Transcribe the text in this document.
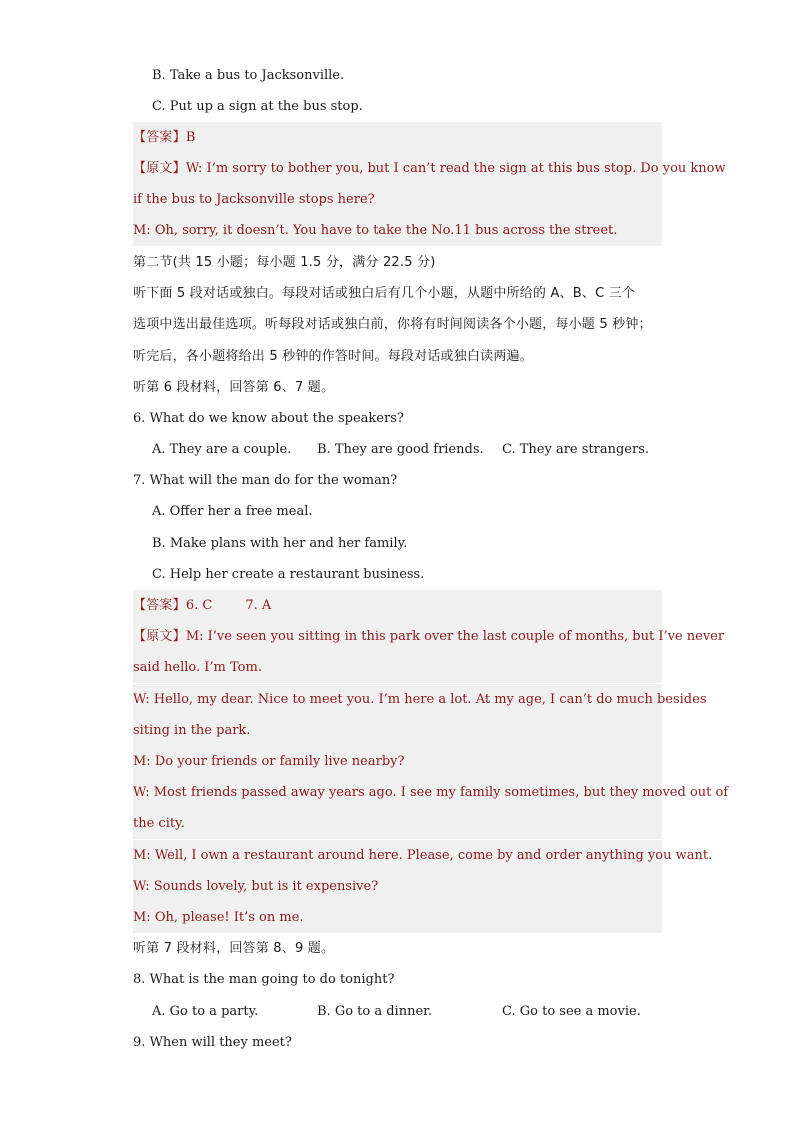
B. Take a bus to Jacksonville.
C. Put up a sign at the bus stop.
【答案】B
【原文】W: I’m sorry to bother you, but I can’t read the sign at this bus stop. Do you know
if the bus to Jacksonville stops here?
M: Oh, sorry, it doesn’t. You have to take the No.11 bus across the street.
第二节(共 15 小题；每小题 1.5 分，满分 22.5 分)
听下面 5 段对话或独白。每段对话或独白后有几个小题，从题中所给的 A、B、C 三个
选项中选出最佳选项。听每段对话或独白前，你将有时间阅读各个小题，每小题 5 秒钟；
听完后，各小题将给出 5 秒钟的作答时间。每段对话或独白读两遍。
听第 6 段材料，回答第 6、7 题。
6. What do we know about the speakers?
A. They are a couple. B. They are good friends. C. They are strangers.
7. What will the man do for the woman?
A. Offer her a free meal.
B. Make plans with her and her family.
C. Help her create a restaurant business.
【答案】6. C        7. A
【原文】M: I’ve seen you sitting in this park over the last couple of months, but I’ve never
said hello. I’m Tom.
W: Hello, my dear. Nice to meet you. I’m here a lot. At my age, I can’t do much besides
siting in the park.
M: Do your friends or family live nearby?
W: Most friends passed away years ago. I see my family sometimes, but they moved out of
the city.
M: Well, I own a restaurant around here. Please, come by and order anything you want.
W: Sounds lovely, but is it expensive?
M: Oh, please! It’s on me.
听第 7 段材料，回答第 8、9 题。
8. What is the man going to do tonight?
A. Go to a party.	B. Go to a dinner.	C. Go to see a movie.
9. When will they meet?
